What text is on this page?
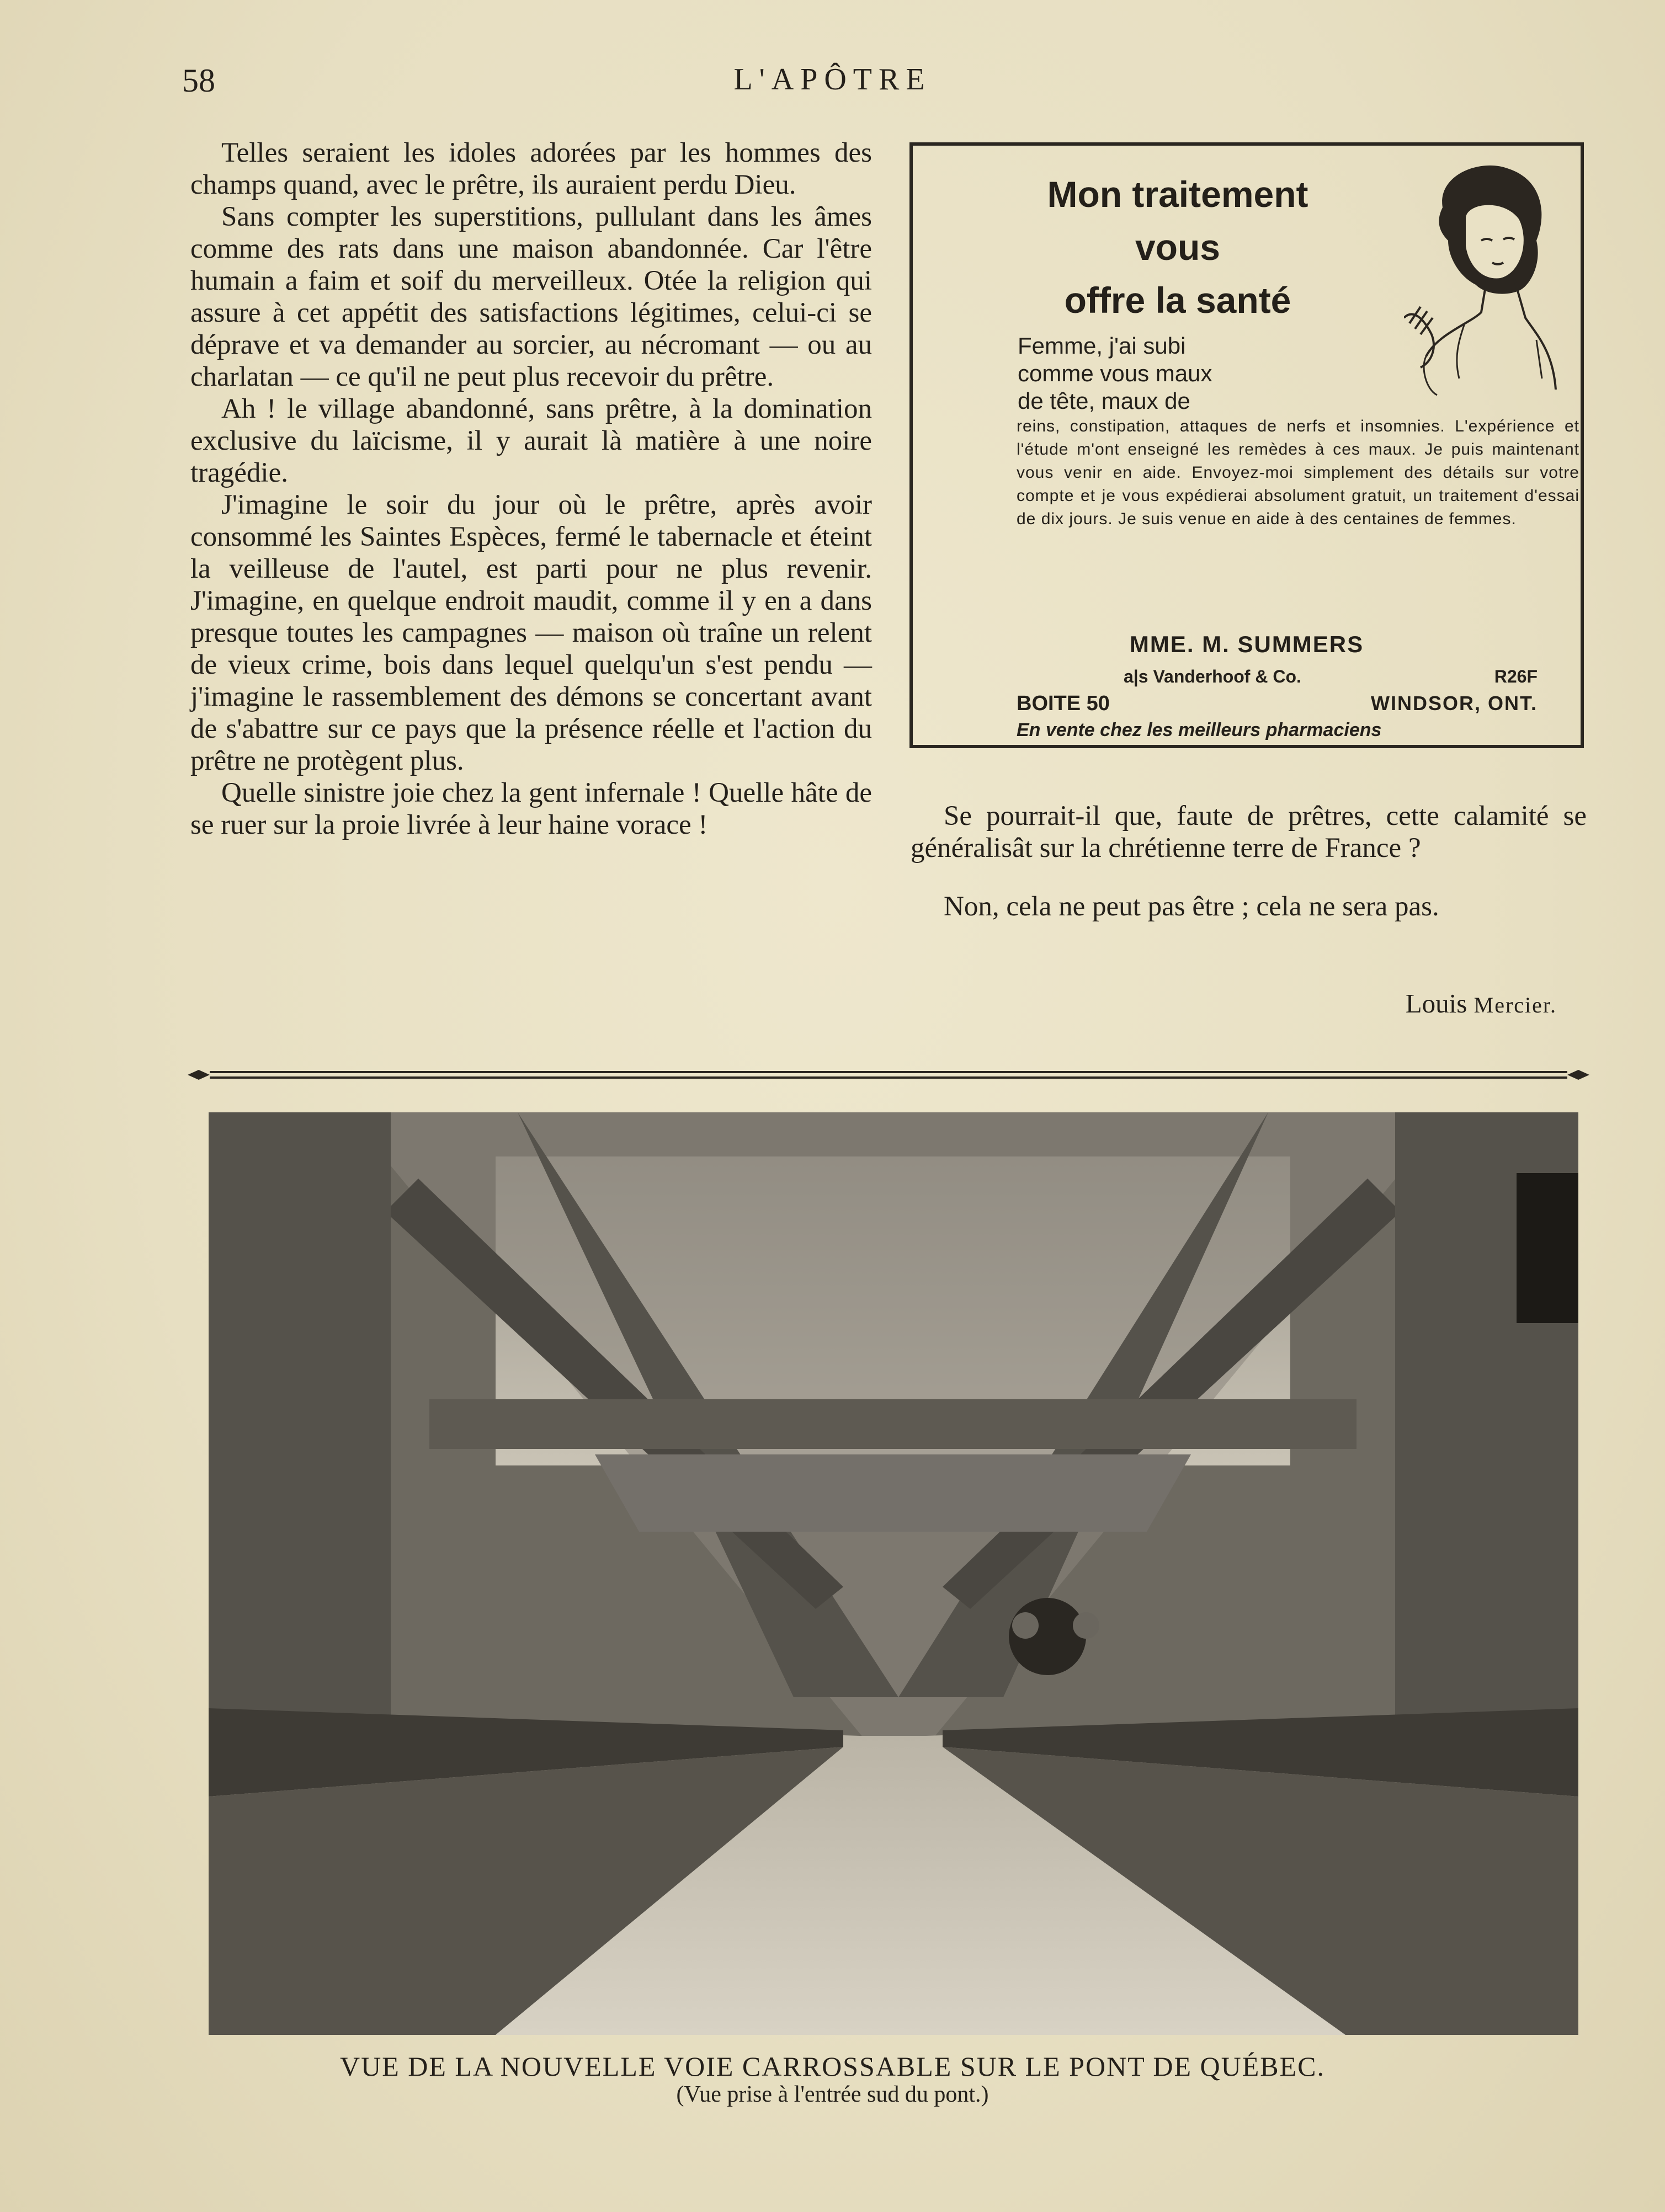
58	L'APÔTRE

Telles seraient les idoles adorées par les hommes des champs quand, avec le prêtre, ils auraient perdu Dieu.

Sans compter les superstitions, pullulant dans les âmes comme des rats dans une maison abandonnée. Car l'être humain a faim et soif du merveilleux. Otée la religion qui assure à cet appétit des satisfactions légitimes, celui-ci se déprave et va demander au sorcier, au nécromant — ou au charlatan — ce qu'il ne peut plus recevoir du prêtre.

Ah ! le village abandonné, sans prêtre, à la domination exclusive du laïcisme, il y aurait là matière à une noire tragédie.

J'imagine le soir du jour où le prêtre, après avoir consommé les Saintes Espèces, fermé le tabernacle et éteint la veilleuse de l'autel, est parti pour ne plus revenir. J'imagine, en quelque endroit maudit, comme il y en a dans presque toutes les campagnes — maison où traîne un relent de vieux crime, bois dans lequel quelqu'un s'est pendu — j'imagine le rassemblement des démons se concertant avant de s'abattre sur ce pays que la présence réelle et l'action du prêtre ne protègent plus.

Quelle sinistre joie chez la gent infernale ! Quelle hâte de se ruer sur la proie livrée à leur haine vorace !

Mon traitement
vous
offre la santé
Femme, j'ai subi
comme vous maux
de tête, maux de
reins, constipation, attaques de nerfs et insomnies. L'expérience et l'étude m'ont enseigné les remèdes à ces maux. Je puis maintenant vous venir en aide. Envoyez-moi simplement des détails sur votre compte et je vous expédierai absolument gratuit, un traitement d'essai de dix jours. Je suis venue en aide à des centaines de femmes.
MME. M. SUMMERS
a|s Vanderhoof & Co.	R26F
BOITE 50	WINDSOR, ONT.
En vente chez les meilleurs pharmaciens

Se pourrait-il que, faute de prêtres, cette calamité se généralisât sur la chrétienne terre de France ?

Non, cela ne peut pas être ; cela ne sera pas.

Louis Mercier.
VUE DE LA NOUVELLE VOIE CARROSSABLE SUR LE PONT DE QUÉBEC.
(Vue prise à l'entrée sud du pont.)
